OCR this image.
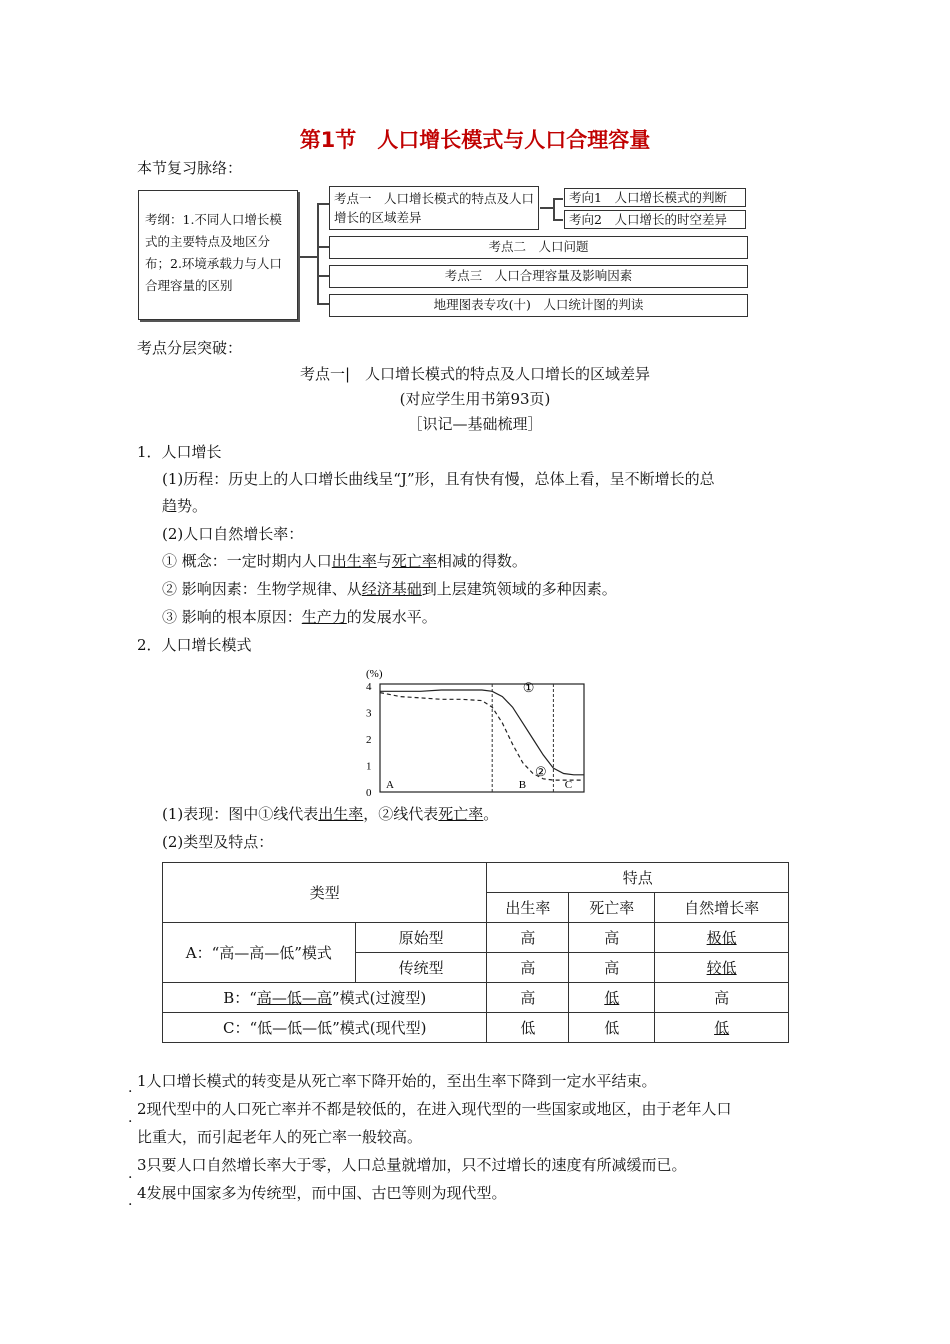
第1节　人口增长模式与人口合理容量
本节复习脉络：
考纲：1.不同人口增长模式的主要特点及地区分布；2.环境承载力与人口合理容量的区别
考点一　人口增长模式的特点及人口增长的区域差异
考向1　人口增长模式的判断
考向2　人口增长的时空差异
考点二　人口问题
考点三　人口合理容量及影响因素
地理图表专攻(十)　人口统计图的判读
考点分层突破：
考点一|　人口增长模式的特点及人口增长的区域差异
(对应学生用书第93页)
［识记—基础梳理］
1．人口增长
(1)历程：历史上的人口增长曲线呈“J”形，且有快有慢，总体上看，呈不断增长的总
趋势。
(2)人口自然增长率：
① 概念：一定时期内人口出生率与死亡率相减的得数。
② 影响因素：生物学规律、从经济基础到上层建筑领域的多种因素。
③ 影响的根本原因：生产力的发展水平。
2．人口增长模式
(%)
0
1
2
3
4
A	B	C
①
②
(1)表现：图中①线代表出生率，②线代表死亡率。
(2)类型及特点：
类型		特点		
		出生率	死亡率	自然增长率
A：“高—高—低”模式	原始型	高	高	极低
	传统型	高	高	较低
B：“高—低—高”模式(过渡型)		高	低	高
C：“低—低—低”模式(现代型)		低	低	低
.
.
.
.
1人口增长模式的转变是从死亡率下降开始的，至出生率下降到一定水平结束。
2现代型中的人口死亡率并不都是较低的，在进入现代型的一些国家或地区，由于老年人口
比重大，而引起老年人的死亡率一般较高。
3只要人口自然增长率大于零，人口总量就增加，只不过增长的速度有所减缓而已。
4发展中国家多为传统型，而中国、古巴等则为现代型。
